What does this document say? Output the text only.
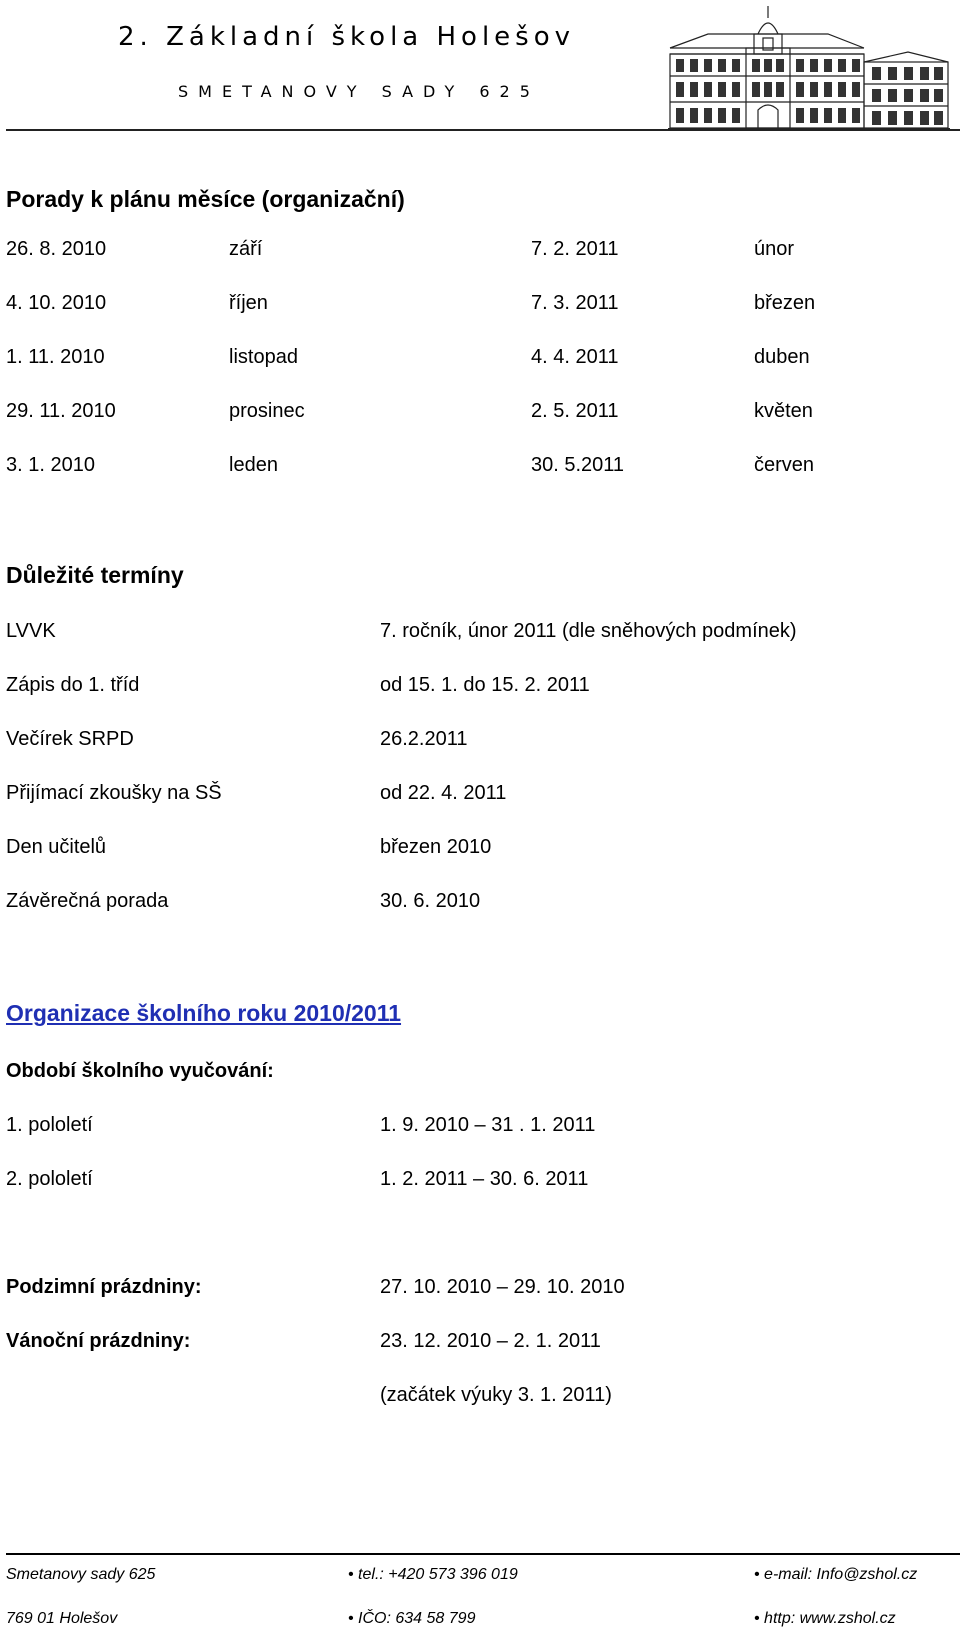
2. Základní škola Holešov
SMETANOVY SADY 625
Porady k plánu měsíce (organizační)
26. 8. 2010	září	7. 2. 2011	únor
4. 10. 2010	říjen	7. 3. 2011	březen
1. 11. 2010	listopad	4. 4. 2011	duben
29. 11. 2010	prosinec	2. 5. 2011	květen
3. 1. 2010	leden	30. 5.2011	červen
Důležité termíny
LVVK	7. ročník, únor 2011 (dle sněhových podmínek)
Zápis do 1. tříd	od 15. 1. do 15. 2. 2011
Večírek SRPD	26.2.2011
Přijímací zkoušky na SŠ	od 22. 4. 2011
Den učitelů	březen 2010
Závěrečná porada	30. 6. 2010
Organizace školního roku 2010/2011
Období školního vyučování:
1. pololetí	1. 9. 2010 – 31 . 1. 2011
2. pololetí	1. 2. 2011 – 30. 6. 2011
Podzimní prázdniny:	27. 10. 2010 – 29. 10. 2010
Vánoční prázdniny:	23. 12. 2010 – 2. 1. 2011
(začátek výuky 3. 1. 2011)
Smetanovy sady 625	• tel.: +420 573 396 019	• e-mail: Info@zshol.cz
769 01 Holešov	• IČO: 634 58 799	• http: www.zshol.cz
